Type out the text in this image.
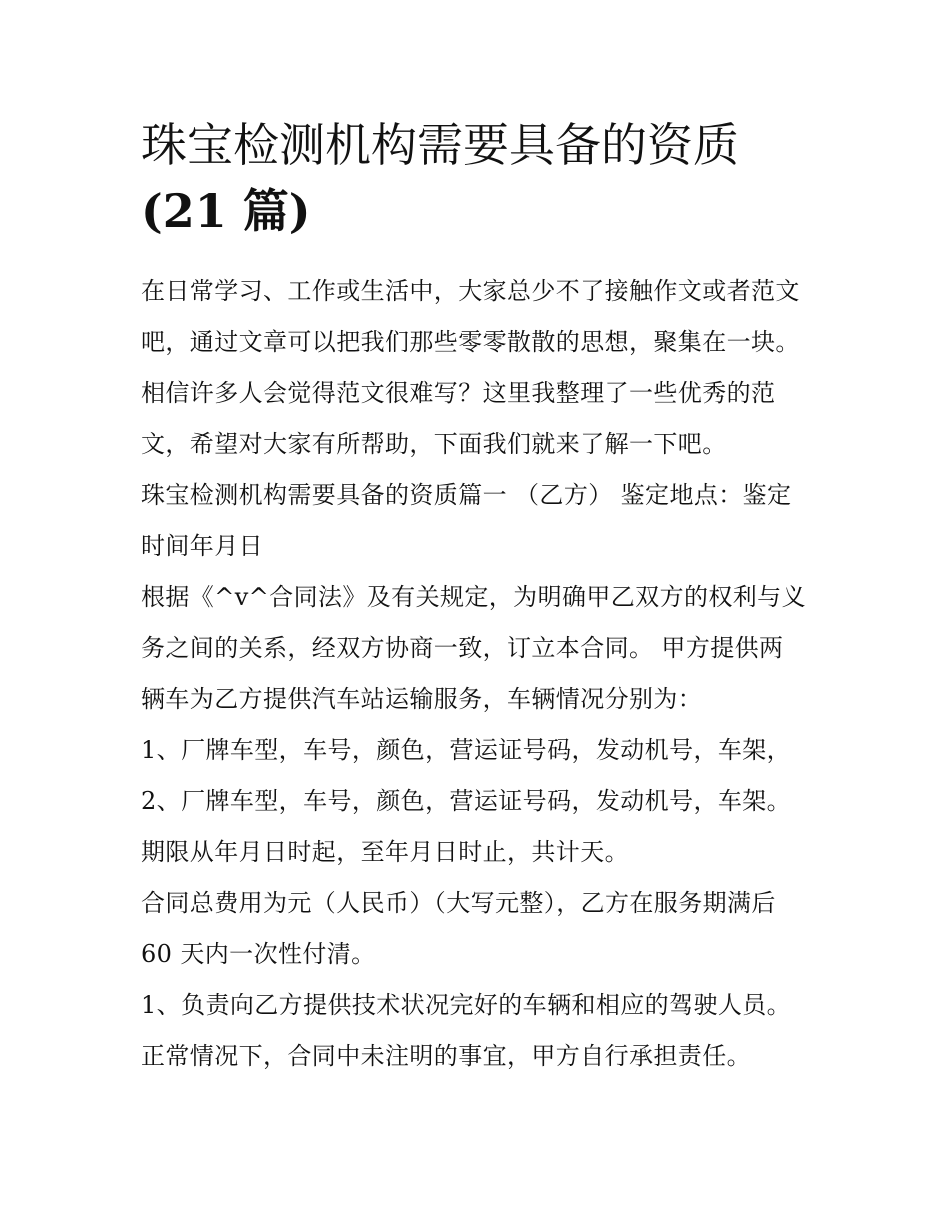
珠宝检测机构需要具备的资质
(21 篇)

在日常学习、工作或生活中，大家总少不了接触作文或者范文
吧，通过文章可以把我们那些零零散散的思想，聚集在一块。
相信许多人会觉得范文很难写？这里我整理了一些优秀的范
文，希望对大家有所帮助，下面我们就来了解一下吧。

珠宝检测机构需要具备的资质篇一 （乙方） 鉴定地点：鉴定
时间年月日

根据《^v^合同法》及有关规定，为明确甲乙双方的权利与义
务之间的关系，经双方协商一致，订立本合同。 甲方提供两
辆车为乙方提供汽车站运输服务，车辆情况分别为：

1、厂牌车型，车号，颜色，营运证号码，发动机号，车架，

2、厂牌车型，车号，颜色，营运证号码，发动机号，车架。

期限从年月日时起，至年月日时止，共计天。

合同总费用为元（人民币）（大写元整），乙方在服务期满后
60 天内一次性付清。

1、负责向乙方提供技术状况完好的车辆和相应的驾驶人员。

正常情况下，合同中未注明的事宜，甲方自行承担责任。
